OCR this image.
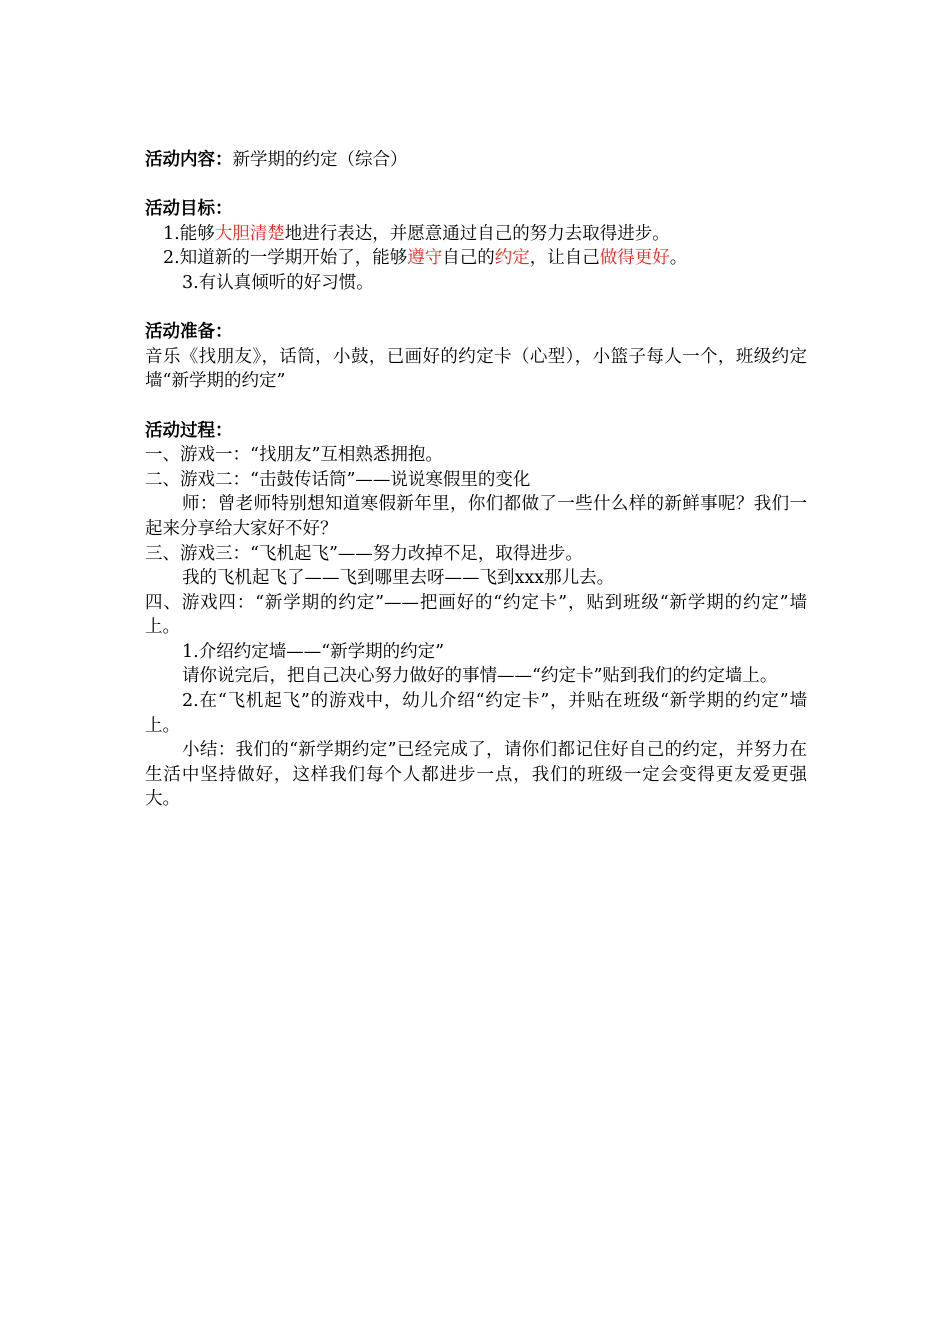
活动内容：新学期的约定（综合）
活动目标：
1.能够大胆清楚地进行表达，并愿意通过自己的努力去取得进步。
2.知道新的一学期开始了，能够遵守自己的约定，让自己做得更好。
3.有认真倾听的好习惯。
活动准备：
音乐《找朋友》，话筒，小鼓，已画好的约定卡（心型），小篮子每人一个，班级约定墙“新学期的约定”
活动过程：
一、游戏一：“找朋友”互相熟悉拥抱。
二、游戏二：“击鼓传话筒”——说说寒假里的变化
师：曾老师特别想知道寒假新年里，你们都做了一些什么样的新鲜事呢？我们一起来分享给大家好不好？
三、游戏三：“飞机起飞”——努力改掉不足，取得进步。
我的飞机起飞了——飞到哪里去呀——飞到xxx那儿去。
四、游戏四：“新学期的约定”——把画好的“约定卡”，贴到班级“新学期的约定”墙上。
1.介绍约定墙——“新学期的约定”
请你说完后，把自己决心努力做好的事情——“约定卡”贴到我们的约定墙上。
2.在“飞机起飞”的游戏中，幼儿介绍“约定卡”，并贴在班级“新学期的约定”墙上。
小结：我们的“新学期约定”已经完成了，请你们都记住好自己的约定，并努力在生活中坚持做好，这样我们每个人都进步一点，我们的班级一定会变得更友爱更强大。
